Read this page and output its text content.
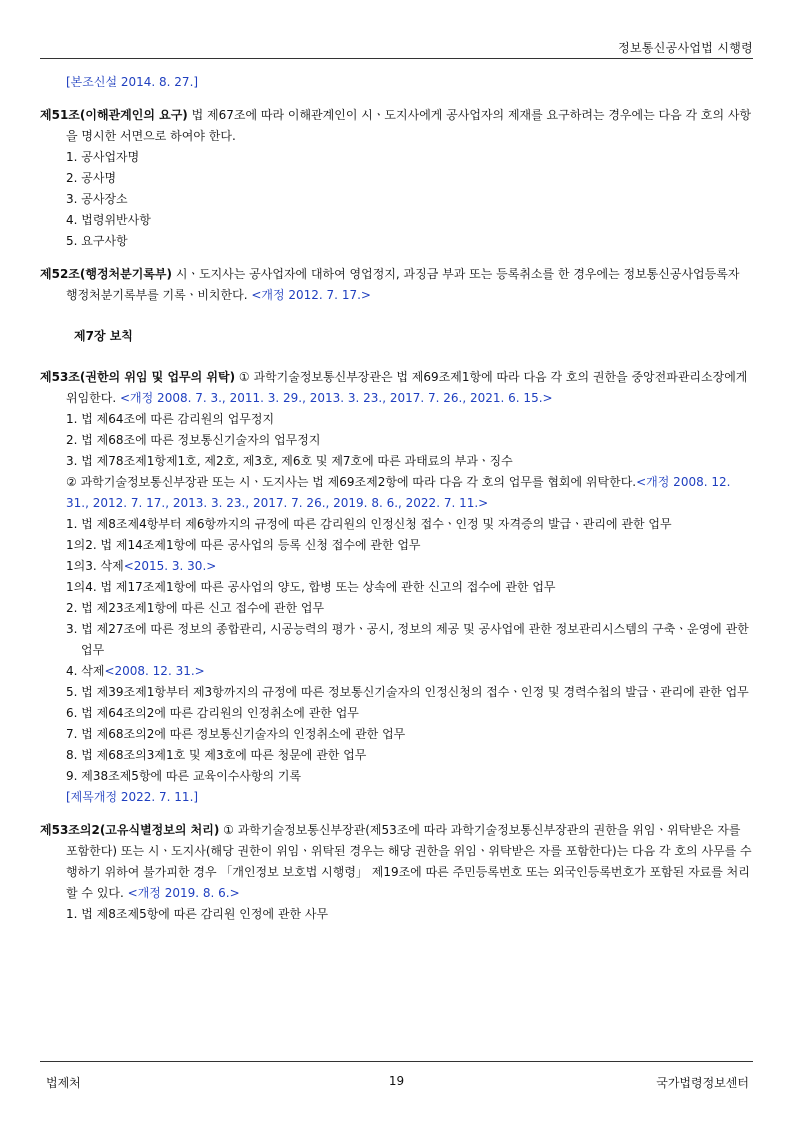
정보통신공사업법 시행령

[본조신설 2014. 8. 27.]

제51조(이해관계인의 요구) 법 제67조에 따라 이해관계인이 시ㆍ도지사에게 공사업자의 제재를 요구하려는 경우에는 다음 각 호의 사항을 명시한 서면으로 하여야 한다.

1. 공사업자명

2. 공사명

3. 공사장소

4. 법령위반사항

5. 요구사항

제52조(행정처분기록부) 시ㆍ도지사는 공사업자에 대하여 영업정지, 과징금 부과 또는 등록취소를 한 경우에는 정보통신공사업등록자 행정처분기록부를 기록ㆍ비치한다. <개정 2012. 7. 17.>

제7장 보칙

제53조(권한의 위임 및 업무의 위탁) ① 과학기술정보통신부장관은 법 제69조제1항에 따라 다음 각 호의 권한을 중앙전파관리소장에게 위임한다. <개정 2008. 7. 3., 2011. 3. 29., 2013. 3. 23., 2017. 7. 26., 2021. 6. 15.>

1. 법 제64조에 따른 감리원의 업무정지

2. 법 제68조에 따른 정보통신기술자의 업무정지

3. 법 제78조제1항제1호, 제2호, 제3호, 제6호 및 제7호에 따른 과태료의 부과ㆍ징수

② 과학기술정보통신부장관 또는 시ㆍ도지사는 법 제69조제2항에 따라 다음 각 호의 업무를 협회에 위탁한다.<개정 2008. 12. 31., 2012. 7. 17., 2013. 3. 23., 2017. 7. 26., 2019. 8. 6., 2022. 7. 11.>

1. 법 제8조제4항부터 제6항까지의 규정에 따른 감리원의 인정신청 접수ㆍ인정 및 자격증의 발급ㆍ관리에 관한 업무

1의2. 법 제14조제1항에 따른 공사업의 등록 신청 접수에 관한 업무

1의3. 삭제<2015. 3. 30.>

1의4. 법 제17조제1항에 따른 공사업의 양도, 합병 또는 상속에 관한 신고의 접수에 관한 업무

2. 법 제23조제1항에 따른 신고 접수에 관한 업무

3. 법 제27조에 따른 정보의 종합관리, 시공능력의 평가ㆍ공시, 정보의 제공 및 공사업에 관한 정보관리시스템의 구축ㆍ운영에 관한 업무

4. 삭제<2008. 12. 31.>

5. 법 제39조제1항부터 제3항까지의 규정에 따른 정보통신기술자의 인정신청의 접수ㆍ인정 및 경력수첩의 발급ㆍ관리에 관한 업무

6. 법 제64조의2에 따른 감리원의 인정취소에 관한 업무

7. 법 제68조의2에 따른 정보통신기술자의 인정취소에 관한 업무

8. 법 제68조의3제1호 및 제3호에 따른 청문에 관한 업무

9. 제38조제5항에 따른 교육이수사항의 기록

[제목개정 2022. 7. 11.]

제53조의2(고유식별정보의 처리) ① 과학기술정보통신부장관(제53조에 따라 과학기술정보통신부장관의 권한을 위임ㆍ위탁받은 자를 포함한다) 또는 시ㆍ도지사(해당 권한이 위임ㆍ위탁된 경우는 해당 권한을 위임ㆍ위탁받은 자를 포함한다)는 다음 각 호의 사무를 수행하기 위하여 불가피한 경우 「개인정보 보호법 시행령」 제19조에 따른 주민등록번호 또는 외국인등록번호가 포함된 자료를 처리할 수 있다. <개정 2019. 8. 6.>

1. 법 제8조제5항에 따른 감리원 인정에 관한 사무

법제처	19	국가법령정보센터
